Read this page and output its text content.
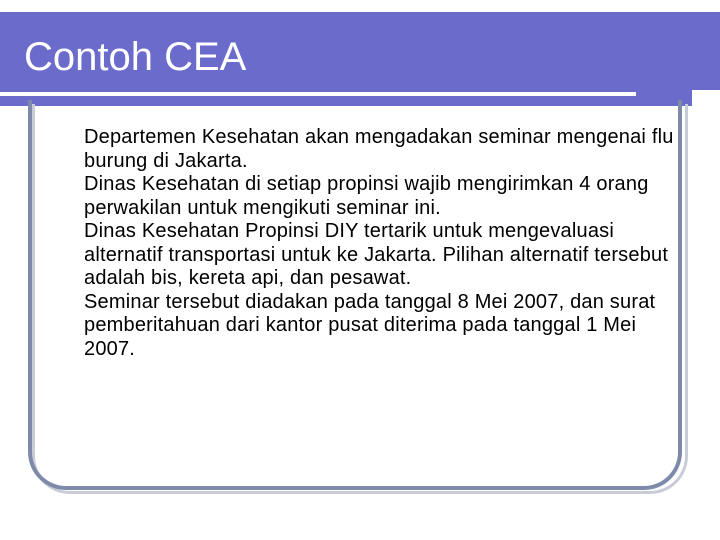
Contoh CEA
Departemen Kesehatan akan mengadakan seminar mengenai flu burung di Jakarta.
Dinas Kesehatan di setiap propinsi wajib mengirimkan 4 orang perwakilan untuk mengikuti seminar ini.
Dinas Kesehatan Propinsi DIY tertarik untuk mengevaluasi alternatif transportasi untuk ke Jakarta. Pilihan alternatif tersebut adalah bis, kereta api, dan pesawat.
Seminar tersebut diadakan pada tanggal 8 Mei 2007, dan surat pemberitahuan dari kantor pusat diterima pada tanggal 1 Mei 2007.
